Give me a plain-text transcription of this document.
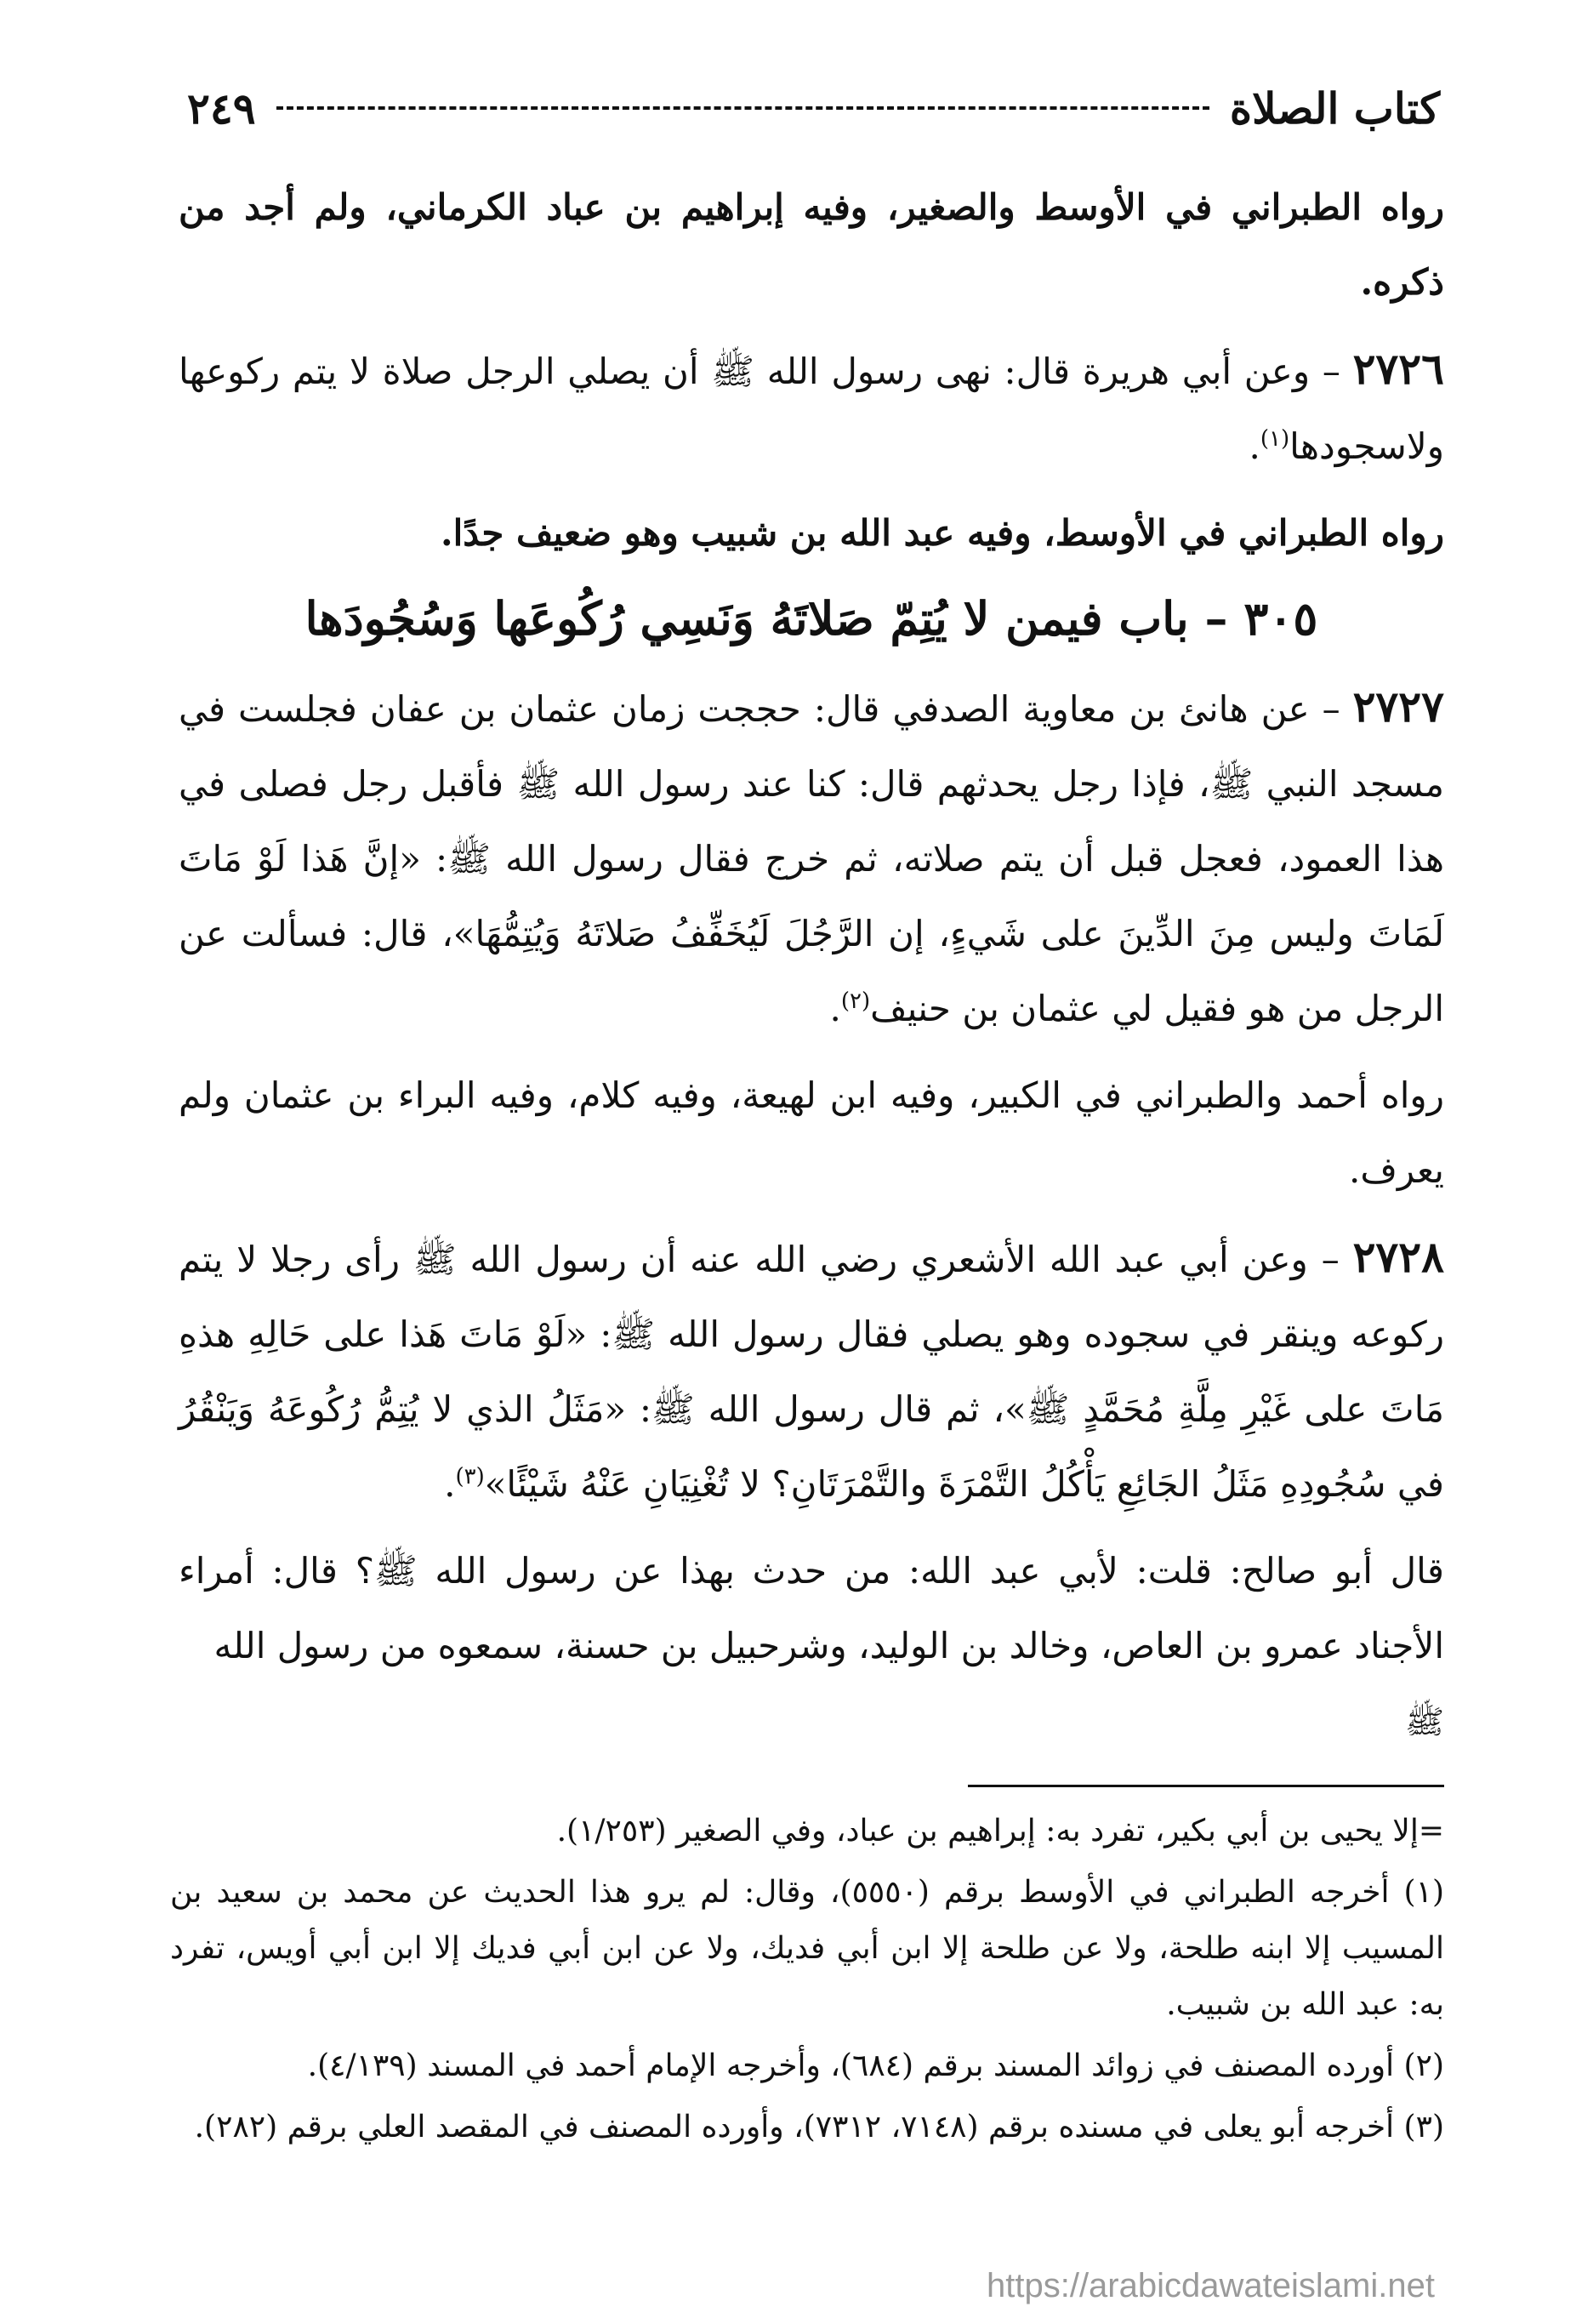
كتاب الصلاة
٢٤٩

رواه الطبراني في الأوسط والصغير، وفيه إبراهيم بن عباد الكرماني، ولم أجد من ذكره.

٢٧٢٦ – وعن أبي هريرة قال: نهى رسول الله ﷺ أن يصلي الرجل صلاة لا يتم ركوعها ولاسجودها$^{(١)}$.

رواه الطبراني في الأوسط، وفيه عبد الله بن شبيب وهو ضعيف جدًا.

٣٠٥ – باب فيمن لا يُتِمّ صَلاتَهُ وَنَسِي رُكُوعَها وَسُجُودَها

٢٧٢٧ – عن هانئ بن معاوية الصدفي قال: حججت زمان عثمان بن عفان فجلست في مسجد النبي ﷺ، فإذا رجل يحدثهم قال: كنا عند رسول الله ﷺ فأقبل رجل فصلى في هذا العمود، فعجل قبل أن يتم صلاته، ثم خرج فقال رسول الله ﷺ: «إنَّ هَذا لَوْ مَاتَ لَمَاتَ وليس مِنَ الدِّينَ على شَيءٍ، إن الرَّجُلَ لَيُخَفِّفُ صَلاتَهُ وَيُتِمُّهَا»، قال: فسألت عن الرجل من هو فقيل لي عثمان بن حنيف$^{(٢)}$.

رواه أحمد والطبراني في الكبير، وفيه ابن لهيعة، وفيه كلام، وفيه البراء بن عثمان ولم يعرف.

٢٧٢٨ – وعن أبي عبد الله الأشعري رضي الله عنه أن رسول الله ﷺ رأى رجلا لا يتم ركوعه وينقر في سجوده وهو يصلي فقال رسول الله ﷺ: «لَوْ مَاتَ هَذا على حَالِهِ هذهِ مَاتَ على غَيْرِ مِلَّةِ مُحَمَّدٍ ﷺ»، ثم قال رسول الله ﷺ: «مَثَلُ الذي لا يُتِمُّ رُكُوعَهُ وَيَنْقُرُ في سُجُودِهِ مَثَلُ الجَائِعِ يَأْكُلُ التَّمْرَةَ والتَّمْرَتَانِ؟ لا تُغْنِيَانِ عَنْهُ شَيْئًا»$^{(٣)}$.

قال أبو صالح: قلت: لأبي عبد الله: من حدث بهذا عن رسول الله ﷺ؟ قال: أمراء الأجناد عمرو بن العاص، وخالد بن الوليد، وشرحبيل بن حسنة، سمعوه من رسول الله
ﷺ

=إلا يحيى بن أبي بكير، تفرد به: إبراهيم بن عباد، وفي الصغير (١/٢٥٣).

(١) أخرجه الطبراني في الأوسط برقم (٥٥٥٠)، وقال: لم يرو هذا الحديث عن محمد بن سعيد بن المسيب إلا ابنه طلحة، ولا عن طلحة إلا ابن أبي فديك، ولا عن ابن أبي فديك إلا ابن أبي أويس، تفرد به: عبد الله بن شبيب.

(٢) أورده المصنف في زوائد المسند برقم (٦٨٤)، وأخرجه الإمام أحمد في المسند (٤/١٣٩).

(٣) أخرجه أبو يعلى في مسنده برقم (٧١٤٨، ٧٣١٢)، وأورده المصنف في المقصد العلي برقم (٢٨٢).

https://arabicdawateislami.net
